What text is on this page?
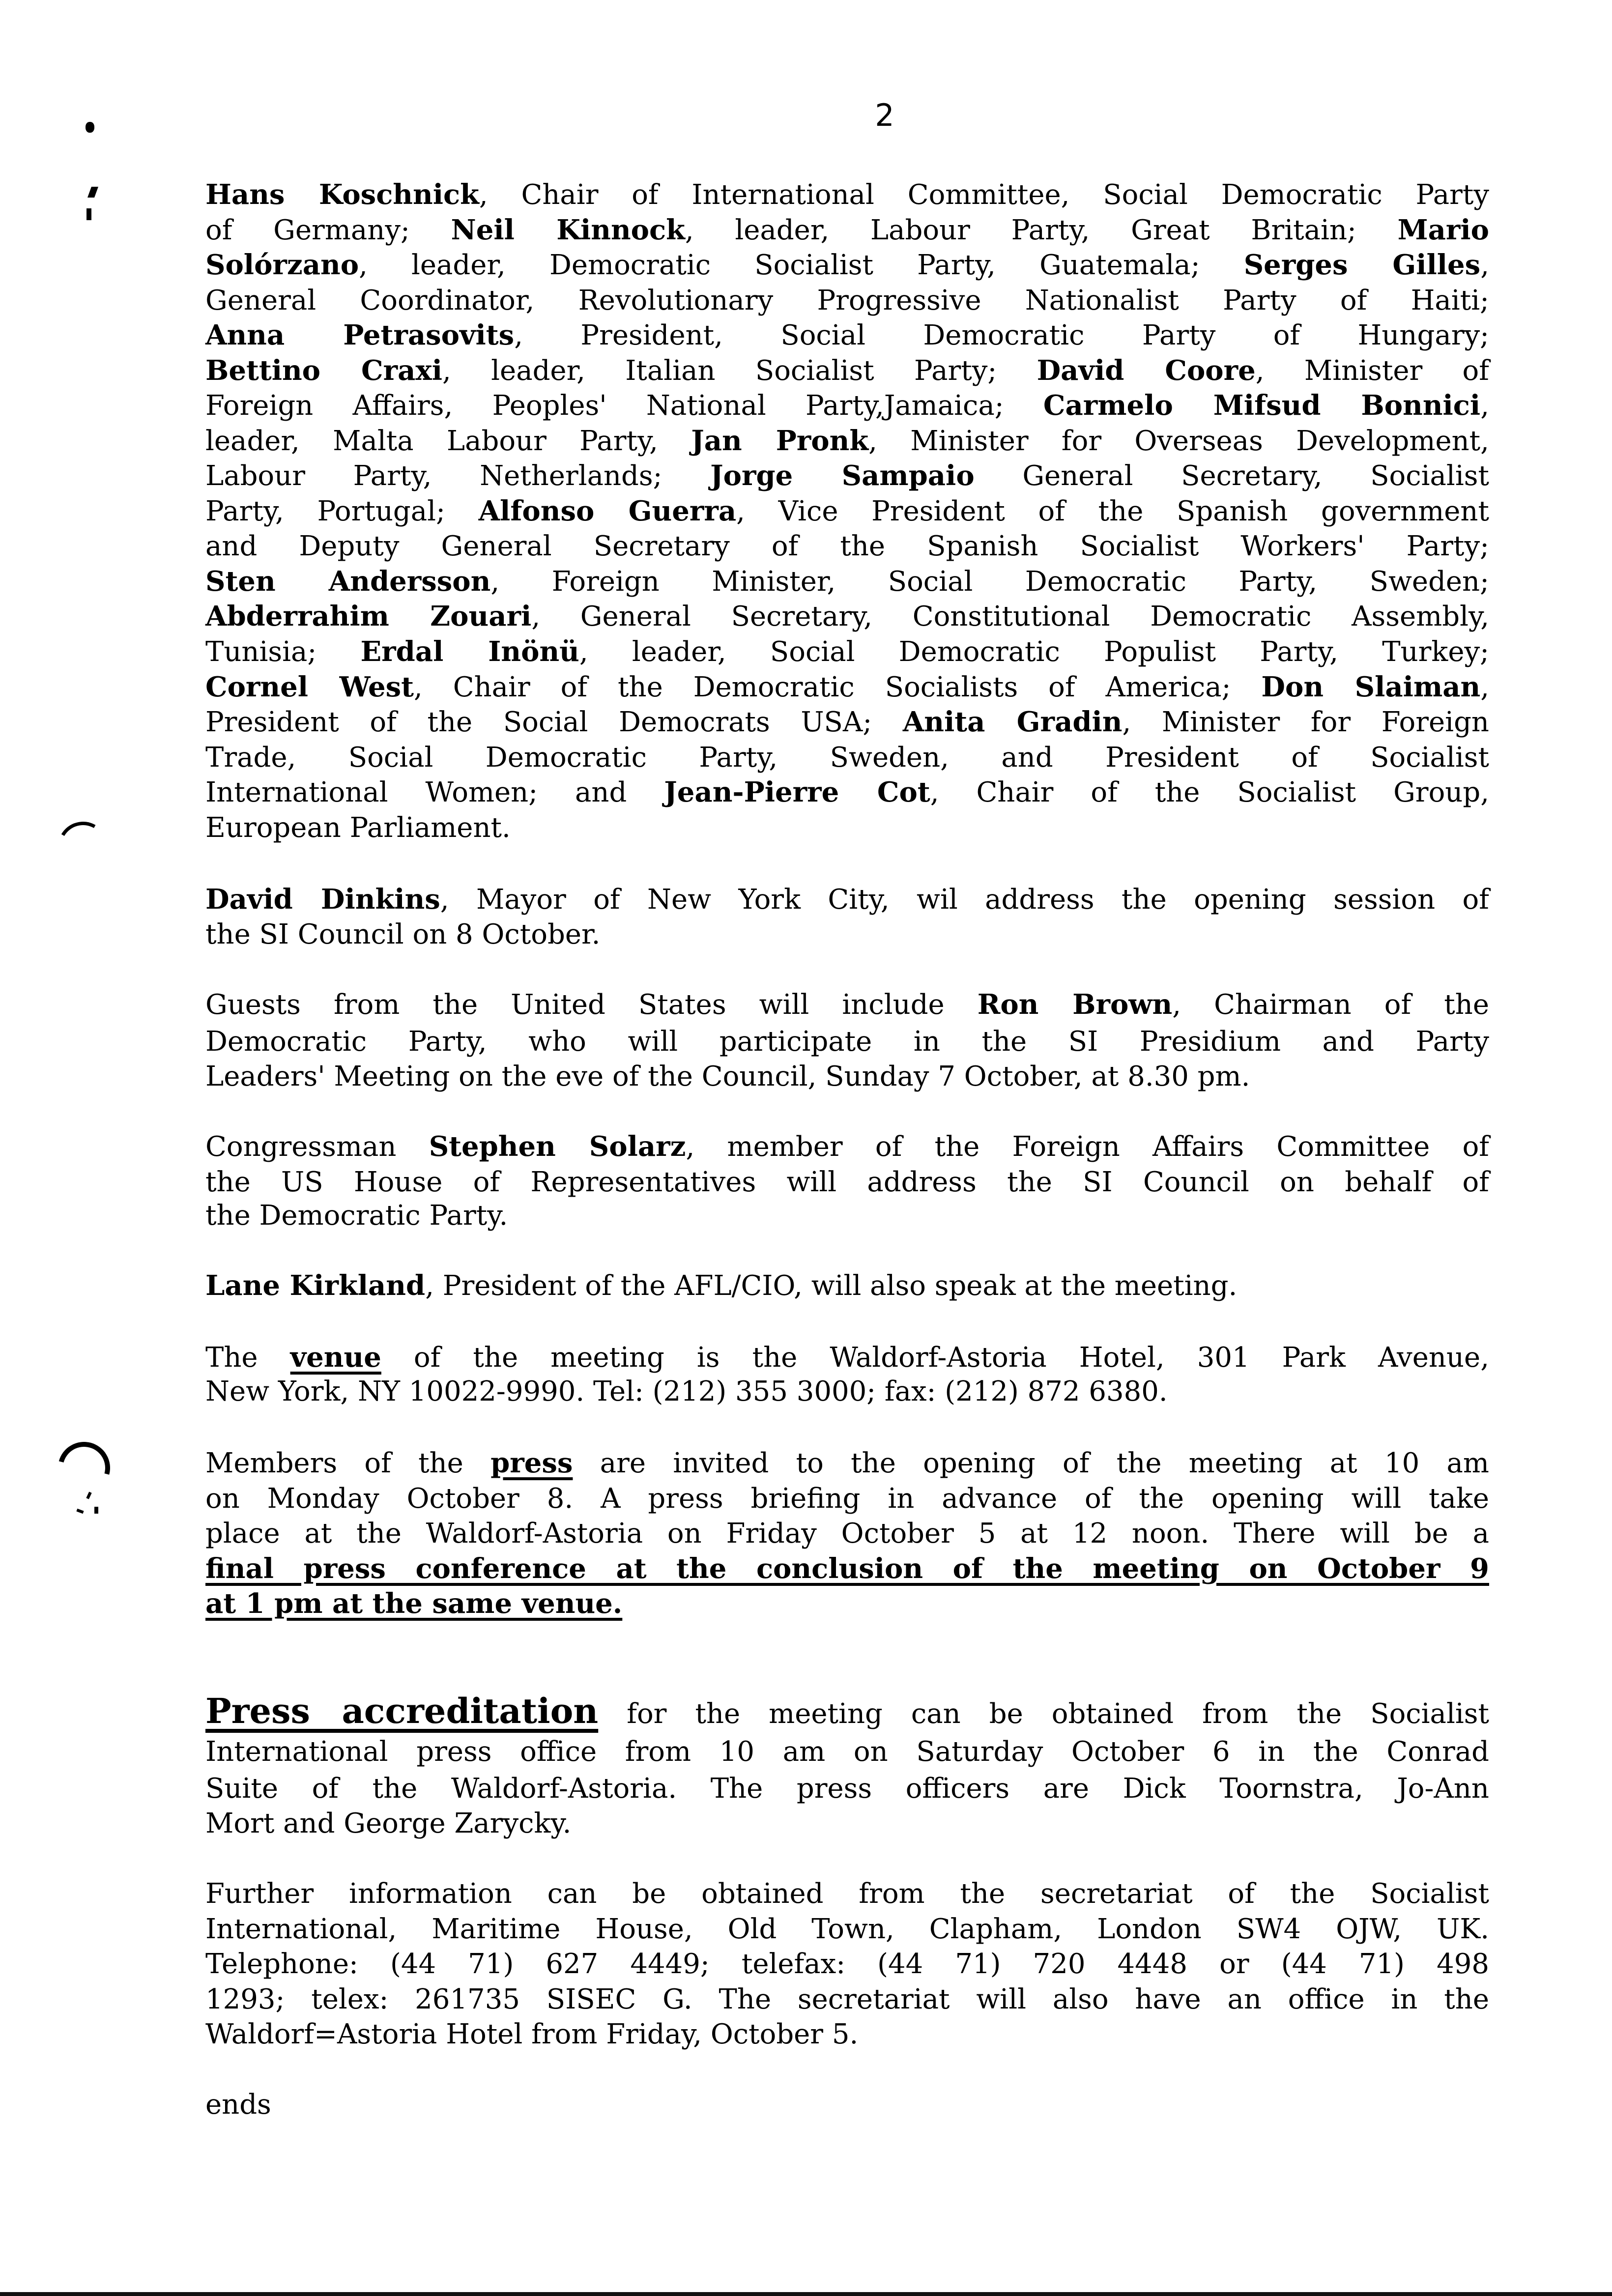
2
Hans Koschnick, Chair of International Committee, Social Democratic Party
of Germany; Neil Kinnock, leader, Labour Party, Great Britain; Mario
Solórzano, leader, Democratic Socialist Party, Guatemala; Serges Gilles,
General Coordinator, Revolutionary Progressive Nationalist Party of Haiti;
Anna Petrasovits, President, Social Democratic Party of Hungary;
Bettino Craxi, leader, Italian Socialist Party; David Coore, Minister of
Foreign Affairs, Peoples' National Party,Jamaica; Carmelo Mifsud Bonnici,
leader, Malta Labour Party, Jan Pronk, Minister for Overseas Development,
Labour Party, Netherlands; Jorge Sampaio General Secretary, Socialist
Party, Portugal; Alfonso Guerra, Vice President of the Spanish government
and Deputy General Secretary of the Spanish Socialist Workers' Party;
Sten Andersson, Foreign Minister, Social Democratic Party, Sweden;
Abderrahim Zouari, General Secretary, Constitutional Democratic Assembly,
Tunisia; Erdal Inönü, leader, Social Democratic Populist Party, Turkey;
Cornel West, Chair of the Democratic Socialists of America; Don Slaiman,
President of the Social Democrats USA; Anita Gradin, Minister for Foreign
Trade, Social Democratic Party, Sweden, and President of Socialist
International Women; and Jean-Pierre Cot, Chair of the Socialist Group,
European Parliament.
David Dinkins, Mayor of New York City, wil address the opening session of
the SI Council on 8 October.
Guests from the United States will include Ron Brown, Chairman of the
Democratic Party, who will participate in the SI Presidium and Party
Leaders' Meeting on the eve of the Council, Sunday 7 October, at 8.30 pm.
Congressman Stephen Solarz, member of the Foreign Affairs Committee of
the US House of Representatives will address the SI Council on behalf of
the Democratic Party.
Lane Kirkland, President of the AFL/CIO, will also speak at the meeting.
The venue of the meeting is the Waldorf-Astoria Hotel, 301 Park Avenue,
New York, NY 10022-9990. Tel: (212) 355 3000; fax: (212) 872 6380.
Members of the press are invited to the opening of the meeting at 10 am
on Monday October 8. A press briefing in advance of the opening will take
place at the Waldorf-Astoria on Friday October 5 at 12 noon. There will be a
final press conference at the conclusion of the meeting on October 9
at 1 pm at the same venue.
Press accreditation for the meeting can be obtained from the Socialist
International press office from 10 am on Saturday October 6 in the Conrad
Suite of the Waldorf-Astoria. The press officers are Dick Toornstra, Jo-Ann
Mort and George Zarycky.
Further information can be obtained from the secretariat of the Socialist
International, Maritime House, Old Town, Clapham, London SW4 OJW, UK.
Telephone: (44 71) 627 4449; telefax: (44 71) 720 4448 or (44 71) 498
1293; telex: 261735 SISEC G. The secretariat will also have an office in the
Waldorf=Astoria Hotel from Friday, October 5.
ends
